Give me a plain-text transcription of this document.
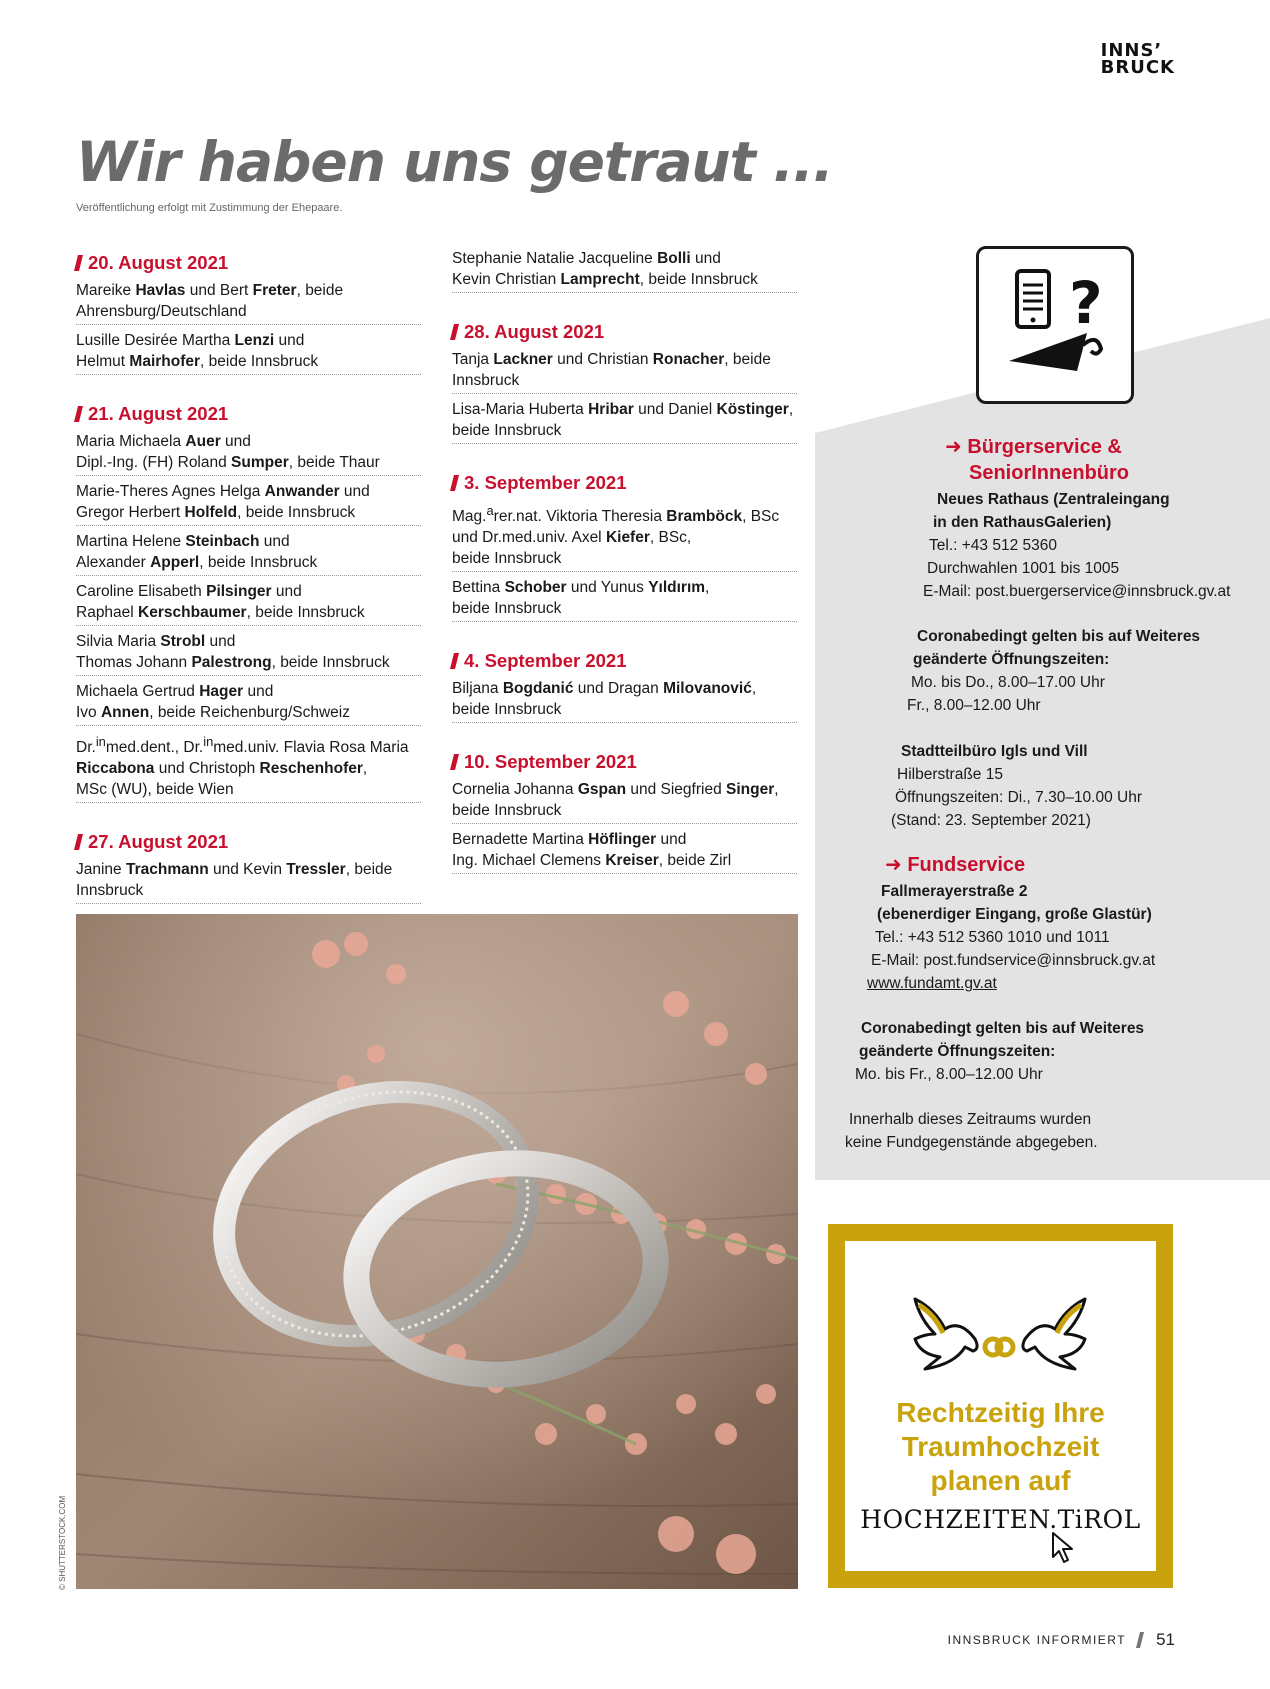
INNS’
BRUCK
Wir haben uns getraut ...
Veröffentlichung erfolgt mit Zustimmung der Ehepaare.
20. August 2021
Mareike Havlas und Bert Freter, beide
Ahrensburg/Deutschland
Lusille Desirée Martha Lenzi und
Helmut Mairhofer, beide Innsbruck
21. August 2021
Maria Michaela Auer und
Dipl.-Ing. (FH) Roland Sumper, beide Thaur
Marie-Theres Agnes Helga Anwander und
Gregor Herbert Holfeld, beide Innsbruck
Martina Helene Steinbach und
Alexander Apperl, beide Innsbruck
Caroline Elisabeth Pilsinger und
Raphael Kerschbaumer, beide Innsbruck
Silvia Maria Strobl und
Thomas Johann Palestrong, beide Innsbruck
Michaela Gertrud Hager und
Ivo Annen, beide Reichenburg/Schweiz
Dr.$^{in}$med.dent., Dr.$^{in}$med.univ. Flavia Rosa Maria
Riccabona und Christoph Reschenhofer,
MSc (WU), beide Wien
27. August 2021
Janine Trachmann und Kevin Tressler, beide
Innsbruck
Stephanie Natalie Jacqueline Bolli und
Kevin Christian Lamprecht, beide Innsbruck
28. August 2021
Tanja Lackner und Christian Ronacher, beide
Innsbruck
Lisa-Maria Huberta Hribar und Daniel Köstinger,
beide Innsbruck
3. September 2021
Mag.$^a$rer.nat. Viktoria Theresia Bramböck, BSc
und Dr.med.univ. Axel Kiefer, BSc,
beide Innsbruck
Bettina Schober und Yunus Yıldırım,
beide Innsbruck
4. September 2021
Biljana Bogdanić und Dragan Milovanović,
beide Innsbruck
10. September 2021
Cornelia Johanna Gspan und Siegfried Singer,
beide Innsbruck
Bernadette Martina Höflinger und
Ing. Michael Clemens Kreiser, beide Zirl
© SHUTTERSTOCK.COM
?
➜ Bürgerservice &
SeniorInnenbüro
Neues Rathaus (Zentraleingang
in den RathausGalerien)
Tel.: +43 512 5360
Durchwahlen 1001 bis 1005
E-Mail: post.buergerservice@innsbruck.gv.at
Coronabedingt gelten bis auf Weiteres
geänderte Öffnungszeiten:
Mo. bis Do., 8.00–17.00 Uhr
Fr., 8.00–12.00 Uhr
Stadtteilbüro Igls und Vill
Hilberstraße 15
Öffnungszeiten: Di., 7.30–10.00 Uhr
(Stand: 23. September 2021)
➜ Fundservice
Fallmerayerstraße 2
(ebenerdiger Eingang, große Glastür)
Tel.: +43 512 5360 1010 und 1011
E-Mail: post.fundservice@innsbruck.gv.at
www.fundamt.gv.at
Coronabedingt gelten bis auf Weiteres
geänderte Öffnungszeiten:
Mo. bis Fr., 8.00–12.00 Uhr
Innerhalb dieses Zeitraums wurden
keine Fundgegenstände abgegeben.
Rechtzeitig Ihre
Traumhochzeit
planen auf
HOCHZEITEN.TiROL
INNSBRUCK INFORMIERT 51
